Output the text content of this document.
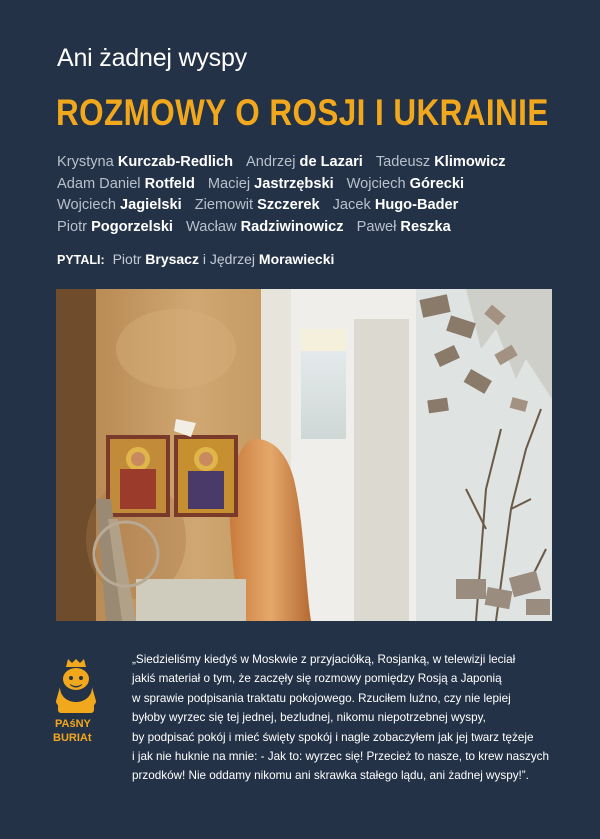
Ani żadnej wyspy
ROZMOWY O ROSJI I UKRAINIE
Krystyna Kurczab-Redlich Andrzej de Lazari Tadeusz Klimowicz
Adam Daniel Rotfeld Maciej Jastrzębski Wojciech Górecki
Wojciech Jagielski Ziemowit Szczerek Jacek Hugo-Bader
Piotr Pogorzelski Wacław Radziwinowicz Paweł Reszka
PYTALI: Piotr Brysacz i Jędrzej Morawiecki
PAśNY
BURIAt
„Siedzieliśmy kiedyś w Moskwie z przyjaciółką, Rosjanką, w telewizji leciał
jakiś materiał o tym, że zaczęły się rozmowy pomiędzy Rosją a Japonią
w sprawie podpisania traktatu pokojowego. Rzuciłem luźno, czy nie lepiej
byłoby wyrzec się tej jednej, bezludnej, nikomu niepotrzebnej wyspy,
by podpisać pokój i mieć święty spokój i nagle zobaczyłem jak jej twarz tężeje
i jak nie huknie na mnie: - Jak to: wyrzec się! Przecież to nasze, to krew naszych
przodków! Nie oddamy nikomu ani skrawka stałego lądu, ani żadnej wyspy!”.
